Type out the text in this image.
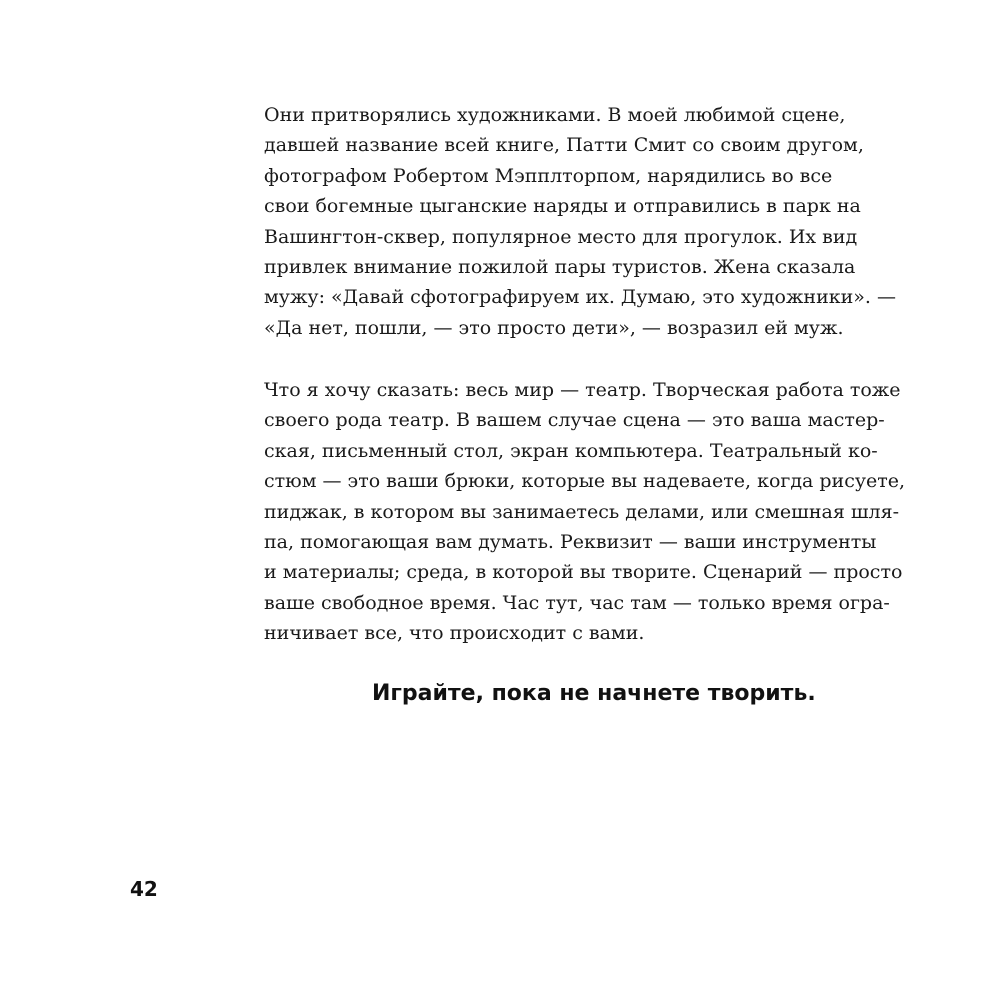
Они притворялись художниками. В моей любимой сцене,
давшей название всей книге, Патти Смит со своим другом,
фотографом Робертом Мэпплторпом, нарядились во все
свои богемные цыганские наряды и отправились в парк на
Вашингтон-сквер, популярное место для прогулок. Их вид
привлек внимание пожилой пары туристов. Жена сказала
мужу: «Давай сфотографируем их. Думаю, это художники». —
«Да нет, пошли, — это просто дети», — возразил ей муж.
Что я хочу сказать: весь мир — театр. Творческая работа тоже
своего рода театр. В вашем случае сцена — это ваша мастер-
ская, письменный стол, экран компьютера. Театральный ко-
стюм — это ваши брюки, которые вы надеваете, когда рисуете,
пиджак, в котором вы занимаетесь делами, или смешная шля-
па, помогающая вам думать. Реквизит — ваши инструменты
и материалы; среда, в которой вы творите. Сценарий — просто
ваше свободное время. Час тут, час там — только время огра-
ничивает все, что происходит с вами.
Играйте, пока не начнете творить.
42
